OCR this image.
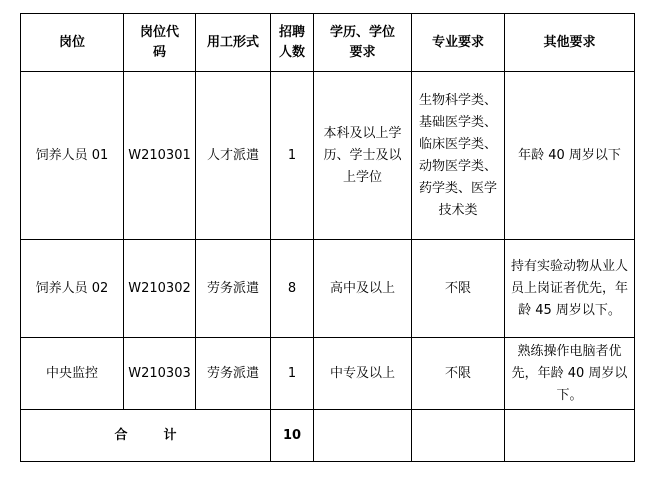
岗位	岗位代码	用工形式	招聘人数	学历、学位要求	专业要求	其他要求
饲养人员 01	W210301	人才派遣	1	本科及以上学历、学士及以上学位	生物科学类、基础医学类、临床医学类、动物医学类、药学类、医学技术类	年龄 40 周岁以下
饲养人员 02	W210302	劳务派遣	8	高中及以上	不限	持有实验动物从业人员上岗证者优先，年龄 45 周岁以下。
中央监控	W210303	劳务派遣	1	中专及以上	不限	熟练操作电脑者优先，年龄 40 周岁以下。
合 计			10			
